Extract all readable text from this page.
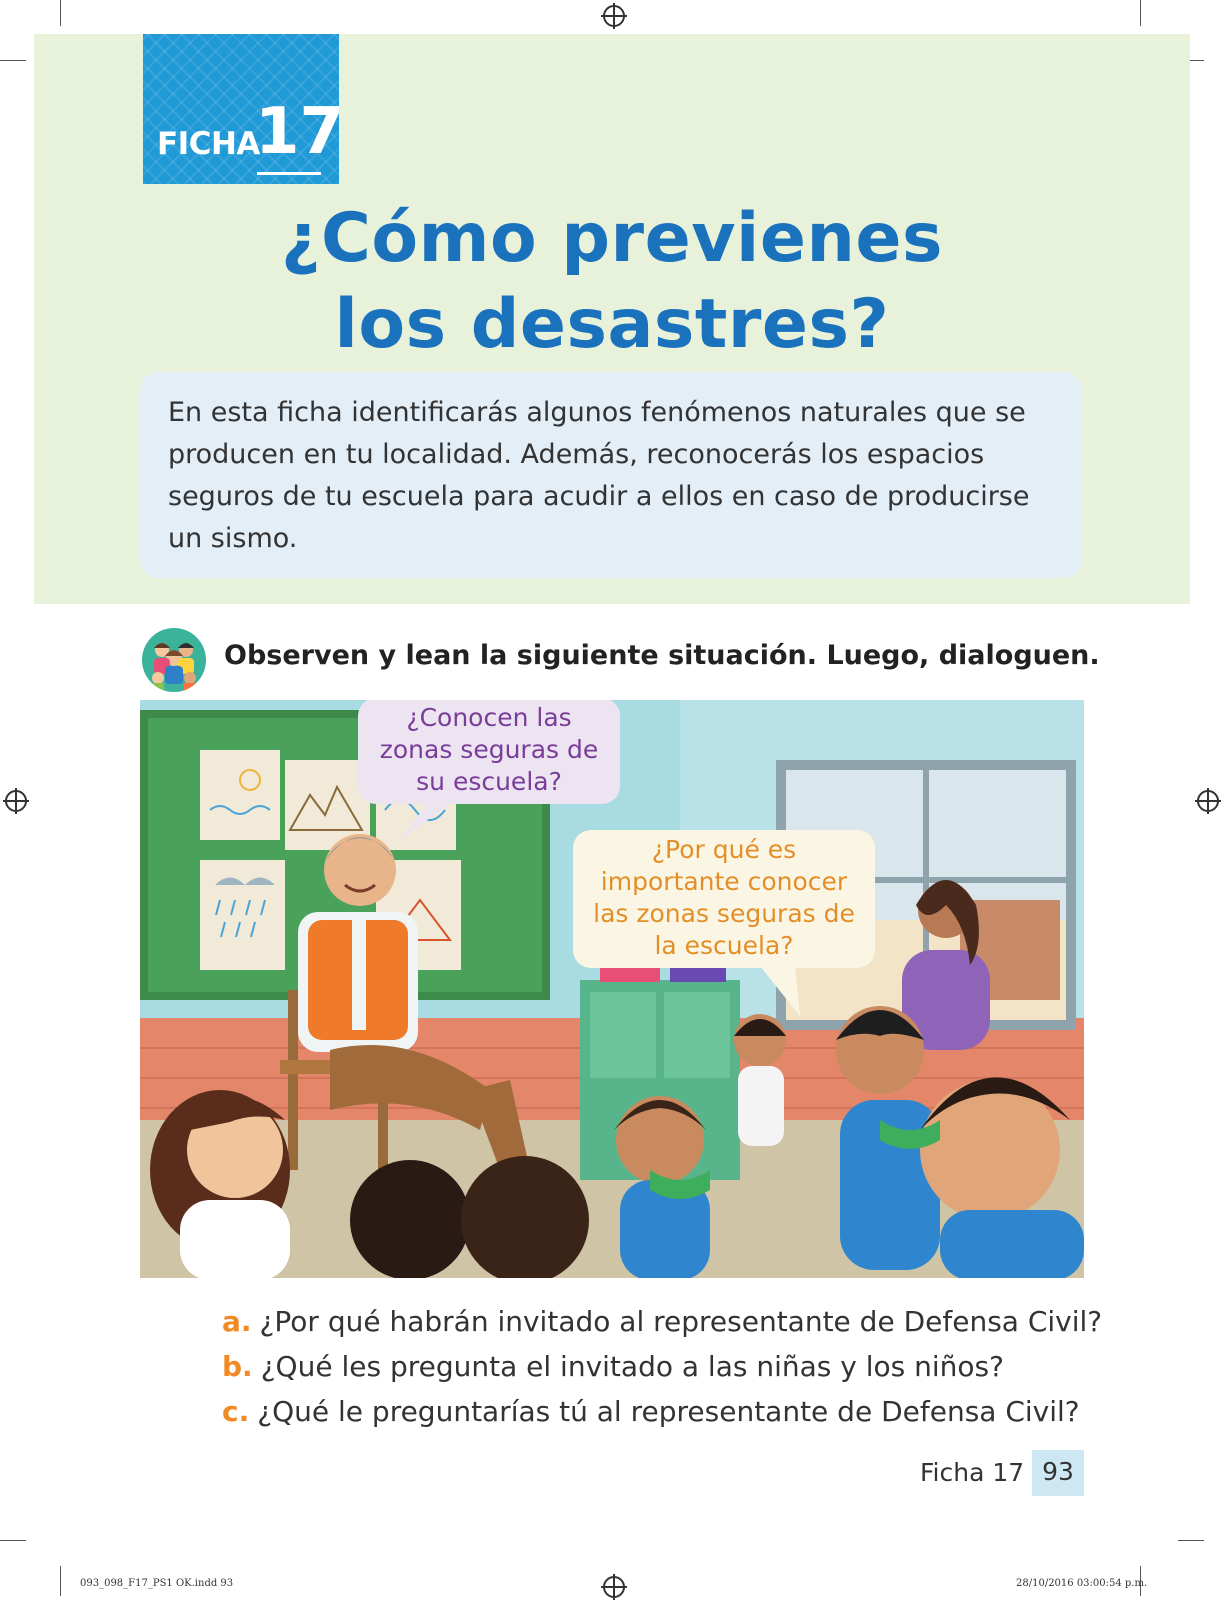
FICHA
17
¿Cómo previenes
los desastres?
En esta ficha identificarás algunos fenómenos naturales que se producen en tu localidad. Además, reconocerás los espacios seguros de tu escuela para acudir a ellos en caso de producirse un sismo.
Observen y lean la siguiente situación. Luego, dialoguen.
¿Conocen las
zonas seguras de
su escuela?
¿Por qué es
importante conocer
las zonas seguras de
la escuela?
a. ¿Por qué habrán invitado al representante de Defensa Civil?
b. ¿Qué les pregunta el invitado a las niñas y los niños?
c. ¿Qué le preguntarías tú al representante de Defensa Civil?
Ficha 17 93
093_098_F17_PS1 OK.indd 93	28/10/2016 03:00:54 p.m.
